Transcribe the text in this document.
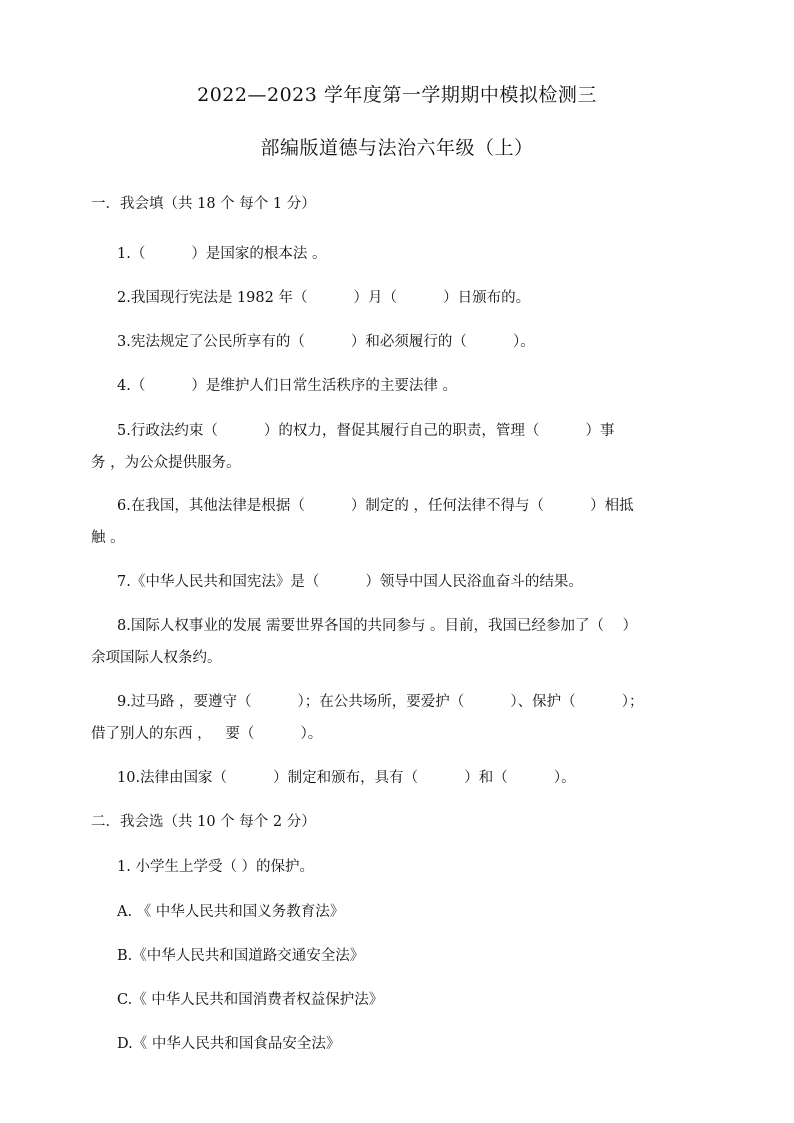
2022—2023 学年度第一学期期中模拟检测三
部编版道德与法治六年级（上）
一．我会填（共 18 个 每个 1 分）
1.（          ）是国家的根本法 。
2.我国现行宪法是 1982 年（          ）月（          ）日颁布的。
3.宪法规定了公民所享有的（          ）和必须履行的（          ）。
4.（          ）是维护人们日常生活秩序的主要法律 。
5.行政法约束（          ）的权力，督促其履行自己的职责，管理（          ）事
务 ，为公众提供服务。
6.在我国，其他法律是根据（          ）制定的 ，任何法律不得与（          ）相抵
触 。
7.《中华人民共和国宪法》是（          ）领导中国人民浴血奋斗的结果。
8.国际人权事业的发展 需要世界各国的共同参与 。目前，我国已经参加了（    ）
余项国际人权条约。
9.过马路 ，要遵守（          ）；在公共场所，要爱护（          ）、保护（          ）；
借了别人的东西 ，   要（          ）。
10.法律由国家（          ）制定和颁布，具有（          ）和（          ）。
二．我会选（共 10 个 每个 2 分）
1. 小学生上学受（ ）的保护。
A. 《 中华人民共和国义务教育法》
B.《中华人民共和国道路交通安全法》
C.《 中华人民共和国消费者权益保护法》
D.《 中华人民共和国食品安全法》
